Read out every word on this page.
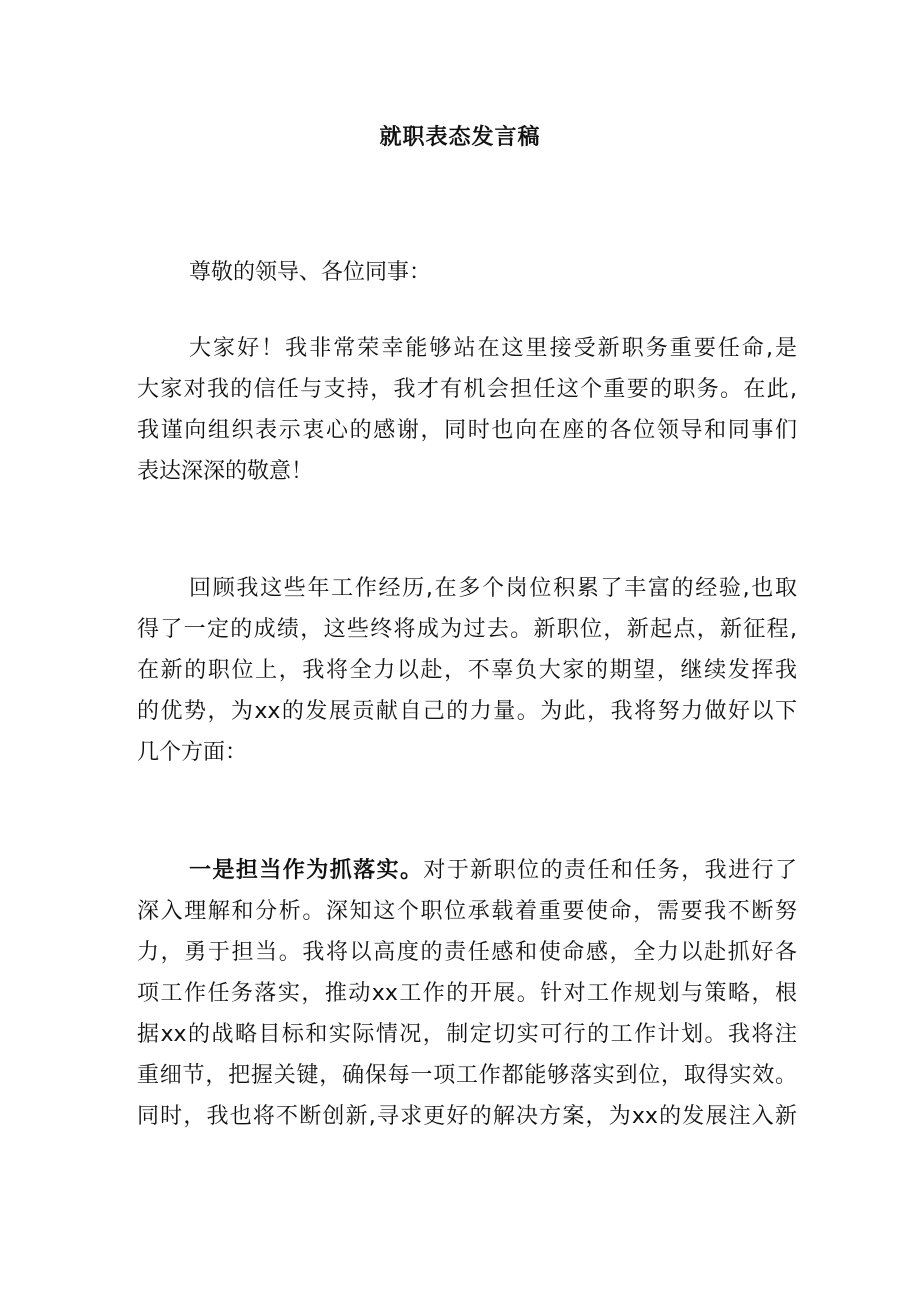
就职表态发言稿
尊敬的领导、各位同事：
大家好！我非常荣幸能够站在这里接受新职务重要任命,是
大家对我的信任与支持，我才有机会担任这个重要的职务。在此,
我谨向组织表示衷心的感谢，同时也向在座的各位领导和同事们
表达深深的敬意！
回顾我这些年工作经历,在多个岗位积累了丰富的经验,也取
得了一定的成绩，这些终将成为过去。新职位，新起点，新征程,
在新的职位上，我将全力以赴，不辜负大家的期望，继续发挥我
的优势，为xx的发展贡献自己的力量。为此，我将努力做好以下
几个方面：
一是担当作为抓落实。对于新职位的责任和任务，我进行了
深入理解和分析。深知这个职位承载着重要使命，需要我不断努
力，勇于担当。我将以高度的责任感和使命感，全力以赴抓好各
项工作任务落实，推动xx工作的开展。针对工作规划与策略，根
据xx的战略目标和实际情况，制定切实可行的工作计划。我将注
重细节，把握关键，确保每一项工作都能够落实到位，取得实效。
同时，我也将不断创新,寻求更好的解决方案，为xx的发展注入新
